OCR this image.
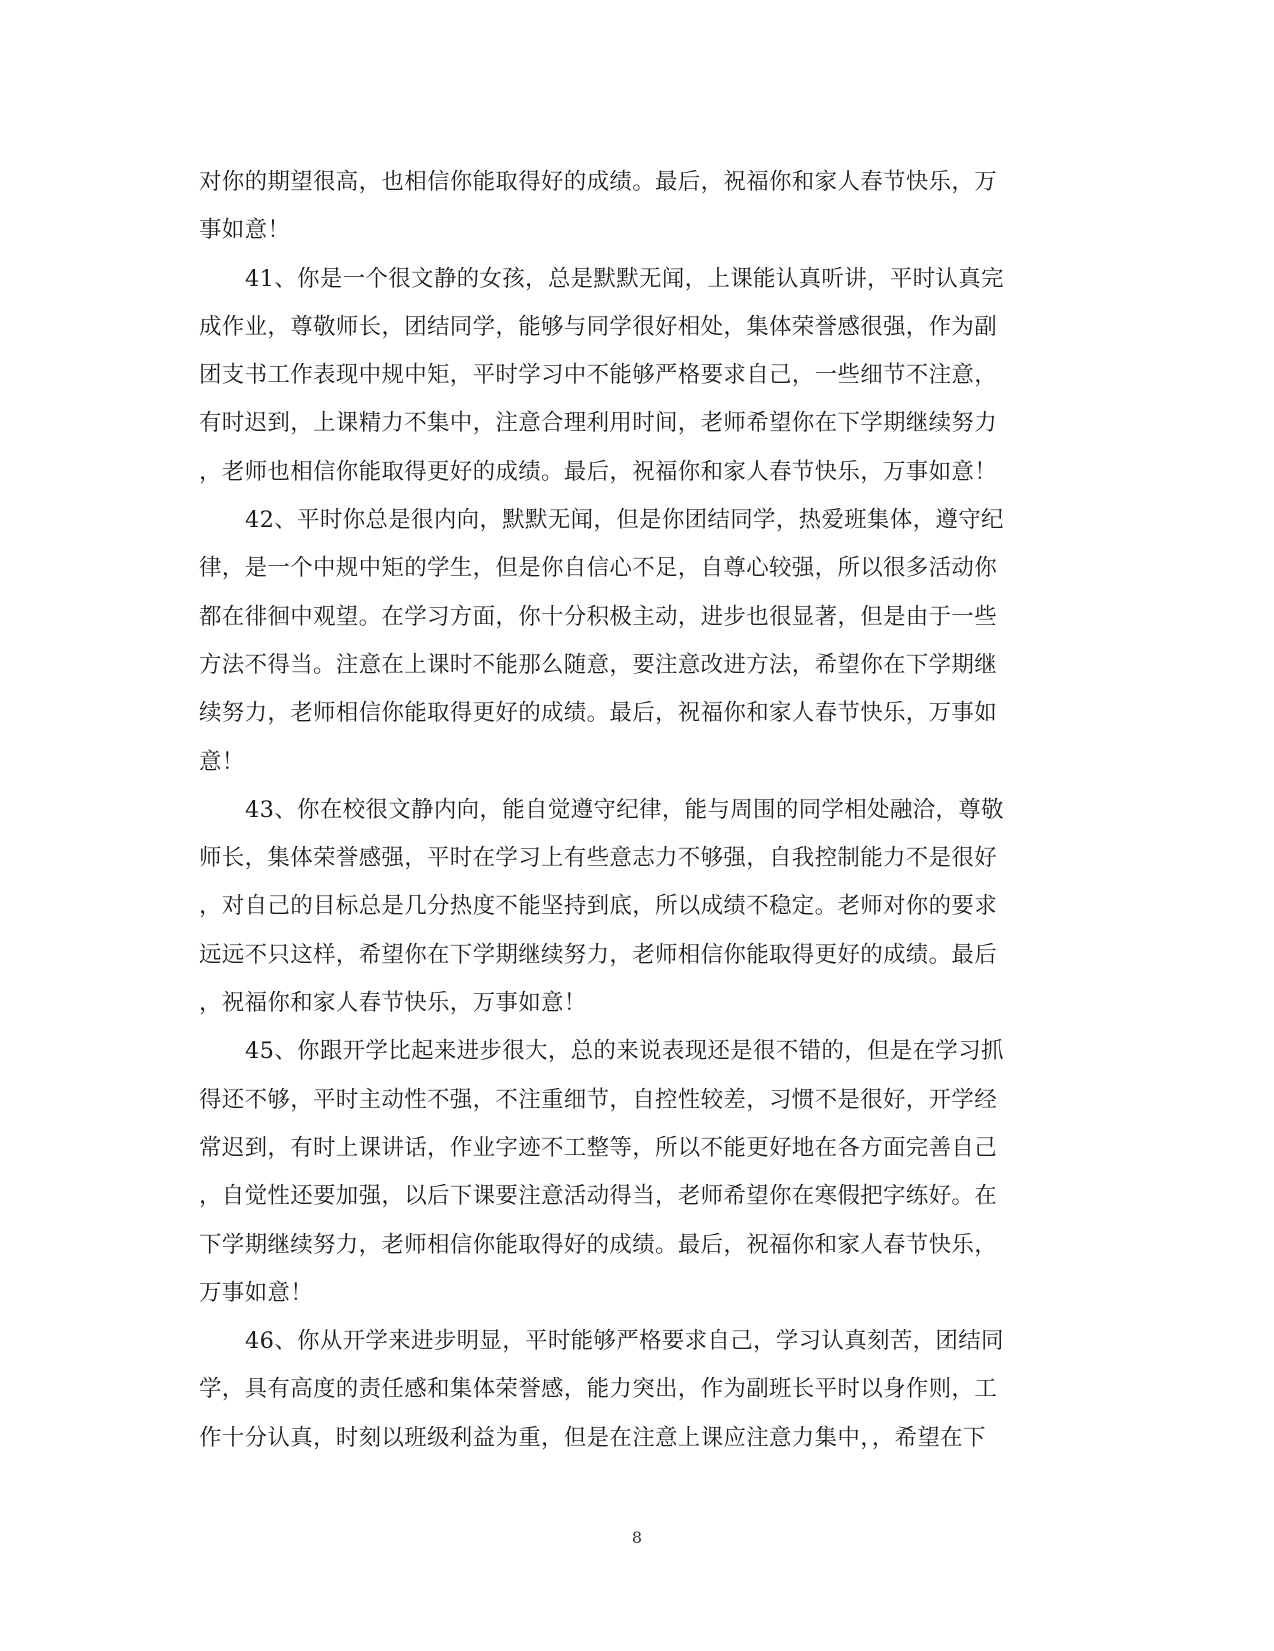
对你的期望很高，也相信你能取得好的成绩。最后，祝福你和家人春节快乐，万
事如意！
41、你是一个很文静的女孩，总是默默无闻，上课能认真听讲，平时认真完
成作业，尊敬师长，团结同学，能够与同学很好相处，集体荣誉感很强，作为副
团支书工作表现中规中矩，平时学习中不能够严格要求自己，一些细节不注意，
有时迟到，上课精力不集中，注意合理利用时间，老师希望你在下学期继续努力
，老师也相信你能取得更好的成绩。最后，祝福你和家人春节快乐，万事如意！
42、平时你总是很内向，默默无闻，但是你团结同学，热爱班集体，遵守纪
律，是一个中规中矩的学生，但是你自信心不足，自尊心较强，所以很多活动你
都在徘徊中观望。在学习方面，你十分积极主动，进步也很显著，但是由于一些
方法不得当。注意在上课时不能那么随意，要注意改进方法，希望你在下学期继
续努力，老师相信你能取得更好的成绩。最后，祝福你和家人春节快乐，万事如
意！
43、你在校很文静内向，能自觉遵守纪律，能与周围的同学相处融洽，尊敬
师长，集体荣誉感强，平时在学习上有些意志力不够强，自我控制能力不是很好
，对自己的目标总是几分热度不能坚持到底，所以成绩不稳定。老师对你的要求
远远不只这样，希望你在下学期继续努力，老师相信你能取得更好的成绩。最后
，祝福你和家人春节快乐，万事如意！
45、你跟开学比起来进步很大，总的来说表现还是很不错的，但是在学习抓
得还不够，平时主动性不强，不注重细节，自控性较差，习惯不是很好，开学经
常迟到，有时上课讲话，作业字迹不工整等，所以不能更好地在各方面完善自己
，自觉性还要加强，以后下课要注意活动得当，老师希望你在寒假把字练好。在
下学期继续努力，老师相信你能取得好的成绩。最后，祝福你和家人春节快乐，
万事如意！
46、你从开学来进步明显，平时能够严格要求自己，学习认真刻苦，团结同
学，具有高度的责任感和集体荣誉感，能力突出，作为副班长平时以身作则，工
作十分认真，时刻以班级利益为重，但是在注意上课应注意力集中，，希望在下
8
